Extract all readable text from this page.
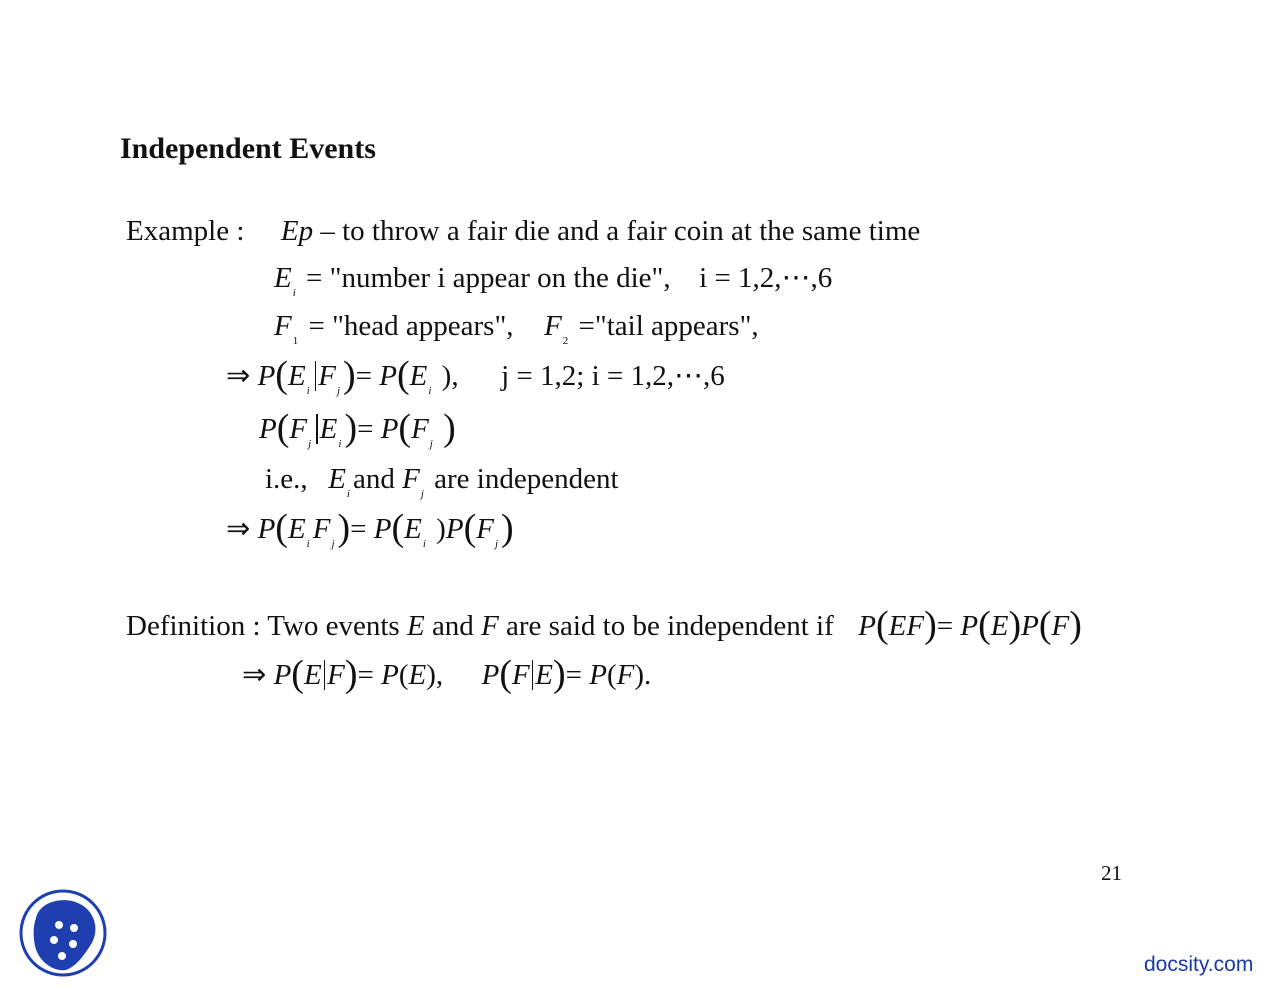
Independent Events
Example : Ep – to throw a fair die and a fair coin at the same time
$E_i$ = "number i appear on the die", i = 1,2,⋯,6
$F_1$ = "head appears", $F_2$ ="tail appears",
⇒ $P(E_i$ $F_j)= P(E_i$ ),  j = 1,2; i = 1,2,⋯,6
$P(F_j$ $E_i)= P(F_j$ )
i.e., $E_i$ and $F_j$ are independent
⇒ $P(E_i$ $F_j)= P(E_i$ )$P(F_j)$
Definition : Two events E and F are said to be independent if P(EF)= P(E)P(F)
⇒ P(E F)= P(E),  P(F E)= P(F).
21
docsity.com
